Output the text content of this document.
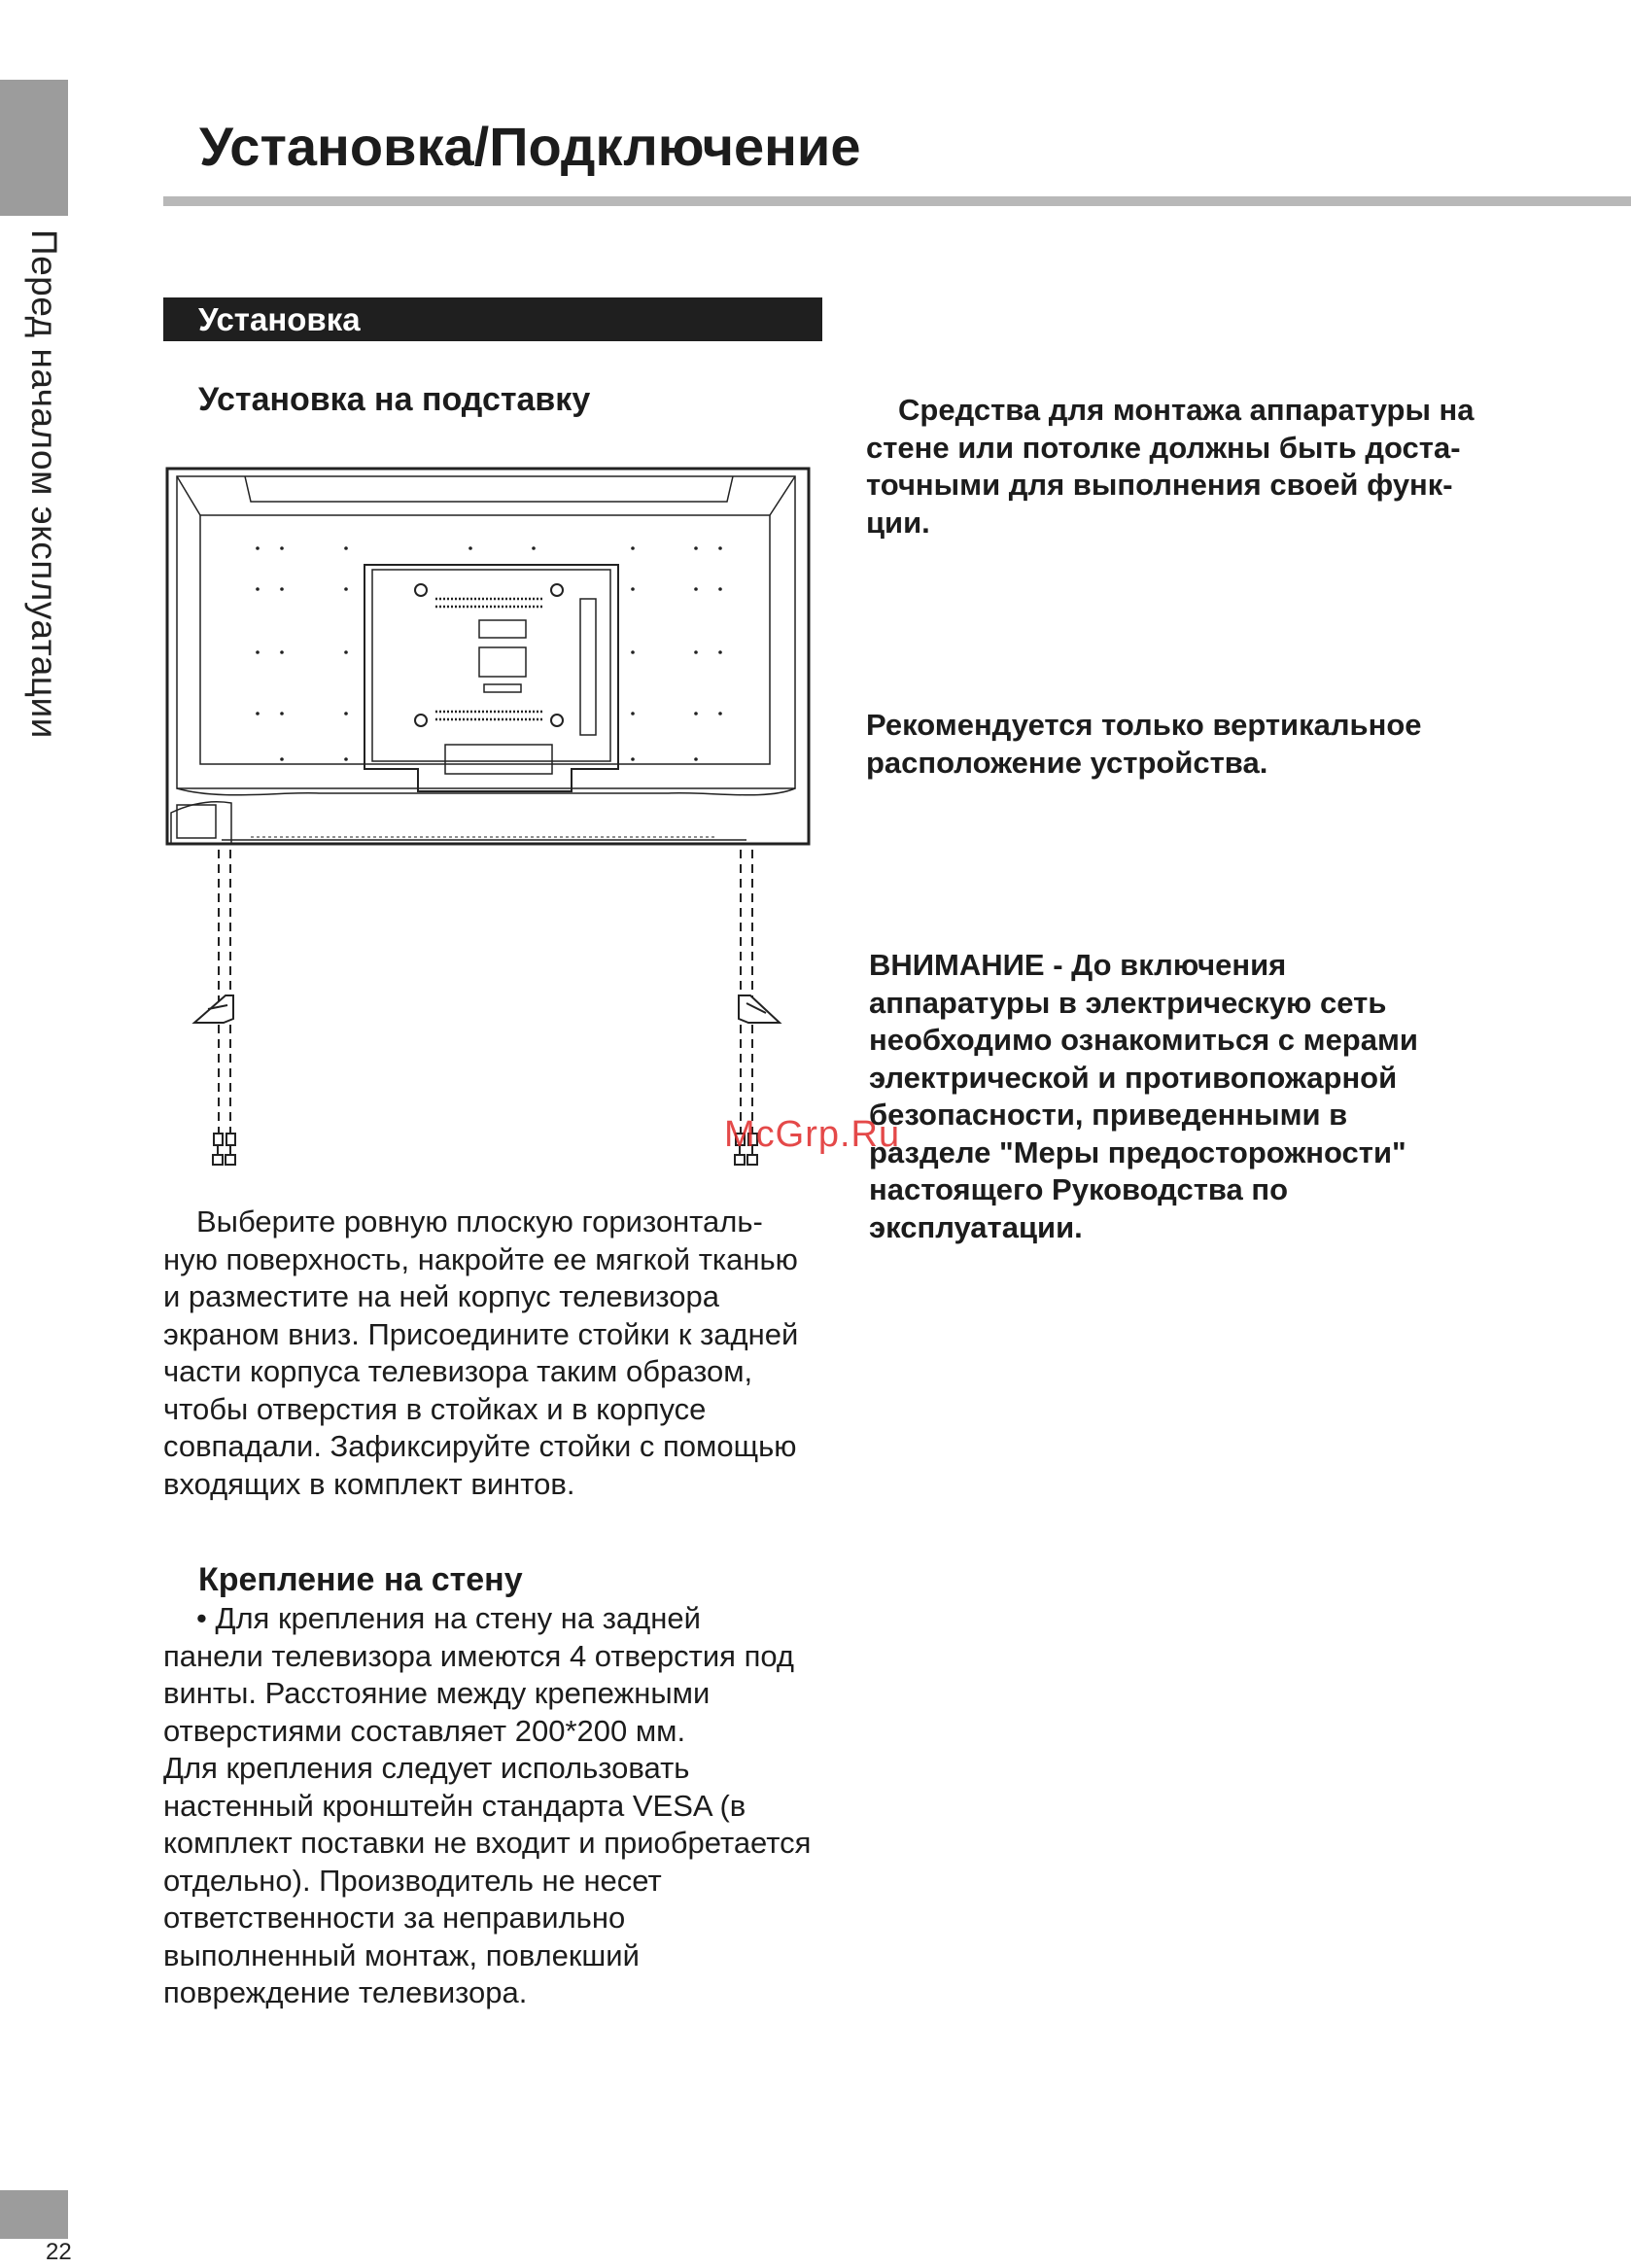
Перед началом эксплуатации
22
Установка/Подключение
Установка
Установка на подставку
Выберите ровную плоскую горизонталь-
ную поверхность, накройте ее мягкой тканью
и разместите на ней корпус телевизора
экраном вниз. Присоедините стойки к задней
части корпуса телевизора таким образом,
чтобы отверстия в стойках и в корпусе
совпадали. Зафиксируйте стойки с помощью
входящих в комплект винтов.
Крепление на стену
• Для крепления на стену на задней
панели телевизора имеются 4 отверстия под
винты. Расстояние между крепежными
отверстиями составляет 200*200 мм.
Для крепления следует использовать
настенный кронштейн стандарта VESA (в
комплект поставки не входит и приобретается
отдельно). Производитель не несет
ответственности за неправильно
выполненный монтаж, повлекший
повреждение телевизора.
Средства для монтажа аппаратуры на
стене или потолке должны быть доста-
точными для выполнения своей функ-
ции.
Рекомендуется только вертикальное
расположение устройства.
ВНИМАНИЕ - До включения
аппаратуры в электрическую сеть
необходимо ознакомиться с мерами
электрической и противопожарной
безопасности, приведенными в
разделе "Меры предосторожности"
настоящего Руководства по
эксплуатации.
McGrp.Ru
